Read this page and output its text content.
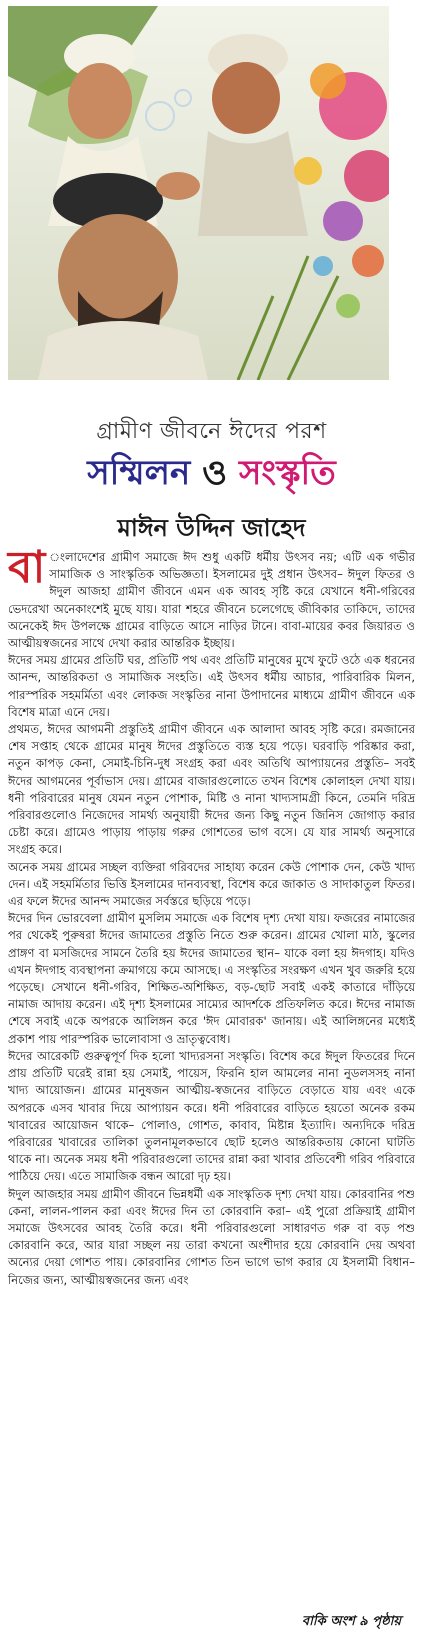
গ্রামীণ জীবনে ঈদের পরশ
সম্মিলন ও সংস্কৃতি
মাঈন উদ্দিন জাহেদ

বা ংলাদেশের গ্রামীণ সমাজে ঈদ শুধু একটি ধর্মীয় উৎসব নয়; এটি এক গভীর সামাজিক ও সাংস্কৃতিক অভিজ্ঞতা। ইসলামের দুই প্রধান উৎসব– ঈদুল ফিতর ও ঈদুল আজহা গ্রামীণ জীবনে এমন এক আবহ সৃষ্টি করে যেখানে ধনী-গরিবের ভেদরেখা অনেকাংশেই মুছে যায়। যারা শহরে জীবনে চলেগেছে জীবিকার তাকিদে, তাদের অনেকেই ঈদ উপলক্ষে গ্রামের বাড়িতে আসে নাড়ির টানে। বাবা-মায়ের কবর জিয়ারত ও আত্মীয়স্বজনের সাথে দেখা করার আন্তরিক ইচ্ছায়।

ঈদের সময় গ্রামের প্রতিটি ঘর, প্রতিটি পথ এবং প্রতিটি মানুষের মুখে ফুটে ওঠে এক ধরনের আনন্দ, আন্তরিকতা ও সামাজিক সংহতি। এই উৎসব ধর্মীয় আচার, পারিবারিক মিলন, পারস্পরিক সহমর্মিতা এবং লোকজ সংস্কৃতির নানা উপাদানের মাধ্যমে গ্রামীণ জীবনে এক বিশেষ মাত্রা এনে দেয়।

প্রথমত, ঈদের আগমনী প্রস্তুতিই গ্রামীণ জীবনে এক আলাদা আবহ সৃষ্টি করে। রমজানের শেষ সপ্তাহ থেকে গ্রামের মানুষ ঈদের প্রস্তুতিতে ব্যস্ত হয়ে পড়ে। ঘরবাড়ি পরিষ্কার করা, নতুন কাপড় কেনা, সেমাই-চিনি-দুধ সংগ্রহ করা এবং অতিথি আপ্যায়নের প্রস্তুতি– সবই ঈদের আগমনের পূর্বাভাস দেয়। গ্রামের বাজারগুলোতে তখন বিশেষ কোলাহল দেখা যায়। ধনী পরিবারের মানুষ যেমন নতুন পোশাক, মিষ্টি ও নানা খাদ্যসামগ্রী কিনে, তেমনি দরিদ্র পরিবারগুলোও নিজেদের সামর্থ্য অনুযায়ী ঈদের জন্য কিছু নতুন জিনিস জোগাড় করার চেষ্টা করে। গ্রামেও পাড়ায় পাড়ায় গরুর গোশতের ভাগ বসে। যে যার সামর্থ্য অনুসারে সংগ্রহ করে।

অনেক সময় গ্রামের সচ্ছল ব্যক্তিরা গরিবদের সাহায্য করেন কেউ পোশাক দেন, কেউ খাদ্য দেন। এই সহমর্মিতার ভিত্তি ইসলামের দানব্যবস্থা, বিশেষ করে জাকাত ও সাদাকাতুল ফিতর। এর ফলে ঈদের আনন্দ সমাজের সর্বস্তরে ছড়িয়ে পড়ে।

ঈদের দিন ভোরবেলা গ্রামীণ মুসলিম সমাজে এক বিশেষ দৃশ্য দেখা যায়। ফজরের নামাজের পর থেকেই পুরুষরা ঈদের জামাতের প্রস্তুতি নিতে শুরু করেন। গ্রামের খোলা মাঠ, স্কুলের প্রাঙ্গণ বা মসজিদের সামনে তৈরি হয় ঈদের জামাতের স্থান– যাকে বলা হয় ঈদগাহ। যদিও এখন ঈদগাহ ব্যবস্থাপনা ক্রমাগয়ে কমে আসছে। এ সংস্কৃতির সংরক্ষণ এখন খুব জরুরি হয়ে পড়েছে। সেখানে ধনী-গরিব, শিক্ষিত-অশিক্ষিত, বড়-ছোট সবাই একই কাতারে দাঁড়িয়ে নামাজ আদায় করেন। এই দৃশ্য ইসলামের সাম্যের আদর্শকে প্রতিফলিত করে। ঈদের নামাজ শেষে সবাই একে অপরকে আলিঙ্গন করে 'ঈদ মোবারক' জানায়। এই আলিঙ্গনের মধ্যেই প্রকাশ পায় পারস্পরিক ভালোবাসা ও ভ্রাতৃত্ববোধ।

ঈদের আরেকটি গুরুত্বপূর্ণ দিক হলো খাদ্যরসনা সংস্কৃতি। বিশেষ করে ঈদুল ফিতরের দিনে প্রায় প্রতিটি ঘরেই রান্না হয় সেমাই, পায়েস, ফিরনি হাল আমলের নানা নুডলসসহ নানা খাদ্য আয়োজন। গ্রামের মানুষজন আত্মীয়-স্বজনের বাড়িতে বেড়াতে যায় এবং একে অপরকে এসব খাবার দিয়ে আপ্যায়ন করে। ধনী পরিবারের বাড়িতে হয়তো অনেক রকম খাবারের আয়োজন থাকে– পোলাও, গোশত, কাবাব, মিষ্টান্ন ইত্যাদি। অন্যদিকে দরিদ্র পরিবারের খাবারের তালিকা তুলনামূলকভাবে ছোট হলেও আন্তরিকতায় কোনো ঘাটতি থাকে না। অনেক সময় ধনী পরিবারগুলো তাদের রান্না করা খাবার প্রতিবেশী গরিব পরিবারে পাঠিয়ে দেয়। এতে সামাজিক বন্ধন আরো দৃঢ় হয়।

ঈদুল আজহার সময় গ্রামীণ জীবনে ভিন্নধর্মী এক সাংস্কৃতিক দৃশ্য দেখা যায়। কোরবানির পশু কেনা, লালন-পালন করা এবং ঈদের দিন তা কোরবানি করা– এই পুরো প্রক্রিয়াই গ্রামীণ সমাজে উৎসবের আবহ তৈরি করে। ধনী পরিবারগুলো সাধারণত গরু বা বড় পশু কোরবানি করে, আর যারা সচ্ছল নয় তারা কখনো অংশীদার হয়ে কোরবানি দেয় অথবা অন্যের দেয়া গোশত পায়। কোরবানির গোশত তিন ভাগে ভাগ করার যে ইসলামী বিধান– নিজের জন্য, আত্মীয়স্বজনের জন্য এবং

বাকি অংশ ৯ পৃষ্ঠায়
